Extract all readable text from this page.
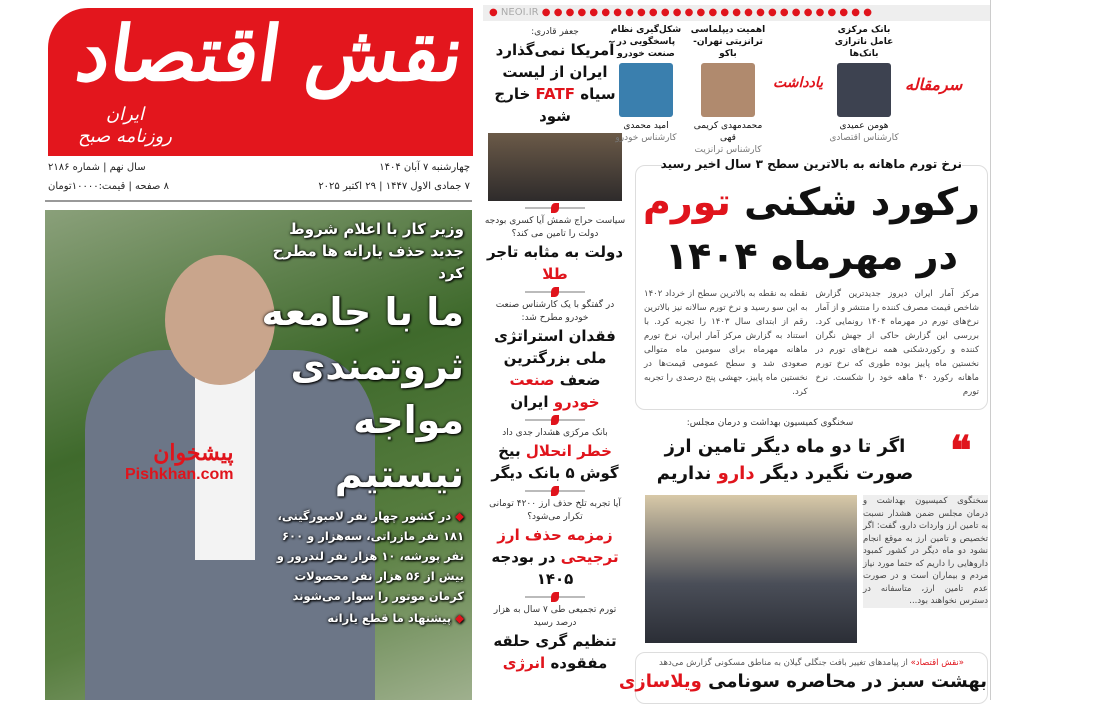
نقش اقتصاد
ایران
روزنامه صبح
چهارشنبه ۷ آبان ۱۴۰۴
۷ جمادی الاول ۱۴۴۷ | ۲۹ اکتبر ۲۰۲۵
سال نهم | شماره ۲۱۸۶
۸ صفحه | قیمت:۱۰۰۰۰تومان
پیشخوان
Pishkhan.com
وزیر کار با اعلام شروط جدید حذف یارانه ها مطرح کرد
ما با جامعه
ثروتمندی
مواجه
نیستیم
◆ در کشور چهار نفر لامبورگینی، ۱۸۱ نفر مازراتی، سه‌هزار و ۶۰۰ نفر پورشه، ۱۰ هزار نفر لندرور و بیش از ۵۶ هزار نفر محصولات کرمان موتور را سوار می‌شوند
◆ پیشنهاد ما قطع یارانه
● NEOI.IR ● ● ● ● ● ● ● ● ● ● ● ● ● ● ● ● ● ● ● ● ● ● ● ● ● ● ● ●
جعفر قادری:
آمریکا نمی‌گذارد ایران از لیست سیاه FATF خارج شود
سیاست حراج شمش آیا کسری بودجه دولت را تامین می کند؟
دولت به مثابه تاجر طلا
در گفتگو با یک کارشناس صنعت خودرو مطرح شد:
فقدان استراتژی ملی بزرگترین ضعف صنعت خودرو ایران
بانک مرکزی هشدار جدی داد
خطر انحلال بیخ گوش ۵ بانک دیگر
آیا تجربه تلخ حذف ارز ۴۲۰۰ تومانی تکرار می‌شود؟
زمزمه حذف ارز ترجیحی در بودجه ۱۴۰۵
تورم تجمیعی طی ۷ سال به هزار درصد رسید
تنظیم گری حلقه مفقوده انرژی
سرمقاله
یادداشت
بانک مرکزی عامل ناترازی بانک‌ها
هومن عمیدی
کارشناس اقتصادی
اهمیت دیپلماسی ترانزیتی تهران- باکو
محمدمهدی کریمی قهی
کارشناس ترانزیت
شکل‌گیری نظام پاسخگویی در صنعت خودرو
امید محمدی
کارشناس خودرو
نرخ تورم ماهانه به بالاترین سطح ۳ سال اخیر رسید
رکورد شکنی تورم
در مهرماه ۱۴۰۴
مرکز آمار ایران دیروز جدیدترین گزارش شاخص قیمت مصرف کننده را منتشر و از آمار نرخ‌های تورم در مهرماه ۱۴۰۴ رونمایی کرد. بررسی این گزارش حاکی از جهش نگران کننده و رکوردشکنی همه نرخ‌های تورم در نخستین ماه پاییز بوده طوری که نرخ تورم ماهانه رکورد ۴۰ ماهه خود را شکست. نرخ تورم
نقطه به نقطه به بالاترین سطح از خرداد ۱۴۰۲ به این سو رسید و نرخ تورم سالانه نیز بالاترین رقم از ابتدای سال ۱۴۰۳ را تجربه کرد. با استناد به گزارش مرکز آمار ایران، نرخ تورم ماهانه مهرماه برای سومین ماه متوالی صعودی شد و سطح عمومی قیمت‌ها در نخستین ماه پاییز، جهشی پنج درصدی را تجربه کرد.
سخنگوی کمیسیون بهداشت و درمان مجلس:
اگر تا دو ماه دیگر تامین ارز
صورت نگیرد دیگر دارو نداریم	❝
سخنگوی کمیسیون بهداشت و درمان مجلس ضمن هشدار نسبت به تامین ارز واردات دارو، گفت: اگر تخصیص و تامین ارز به موقع انجام نشود دو ماه دیگر در کشور کمبود داروهایی را داریم که حتما مورد نیاز مردم و بیماران است و در صورت عدم تامین ارز، متاسفانه در دسترس نخواهند بود...
«نقش اقتصاد» از پیامدهای تغییر بافت جنگلی گیلان به مناطق مسکونی گزارش می‌دهد
بهشت سبز در محاصره سونامی ویلاسازی
